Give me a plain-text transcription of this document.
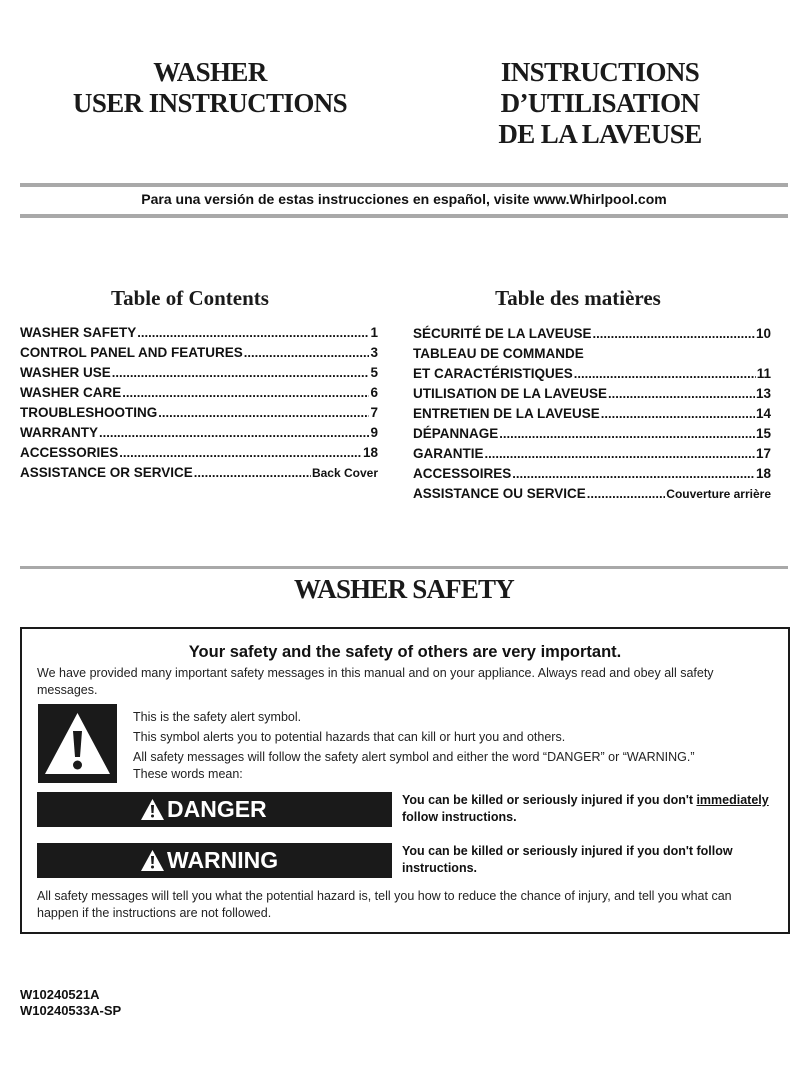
WASHER
USER INSTRUCTIONS
INSTRUCTIONS
D’UTILISATION
DE LA LAVEUSE
Para una versión de estas instrucciones en español, visite www.Whirlpool.com
Table of Contents	Table des matières
WASHER SAFETY .....	1
CONTROL PANEL AND FEATURES .....	3
WASHER USE .....	5
WASHER CARE .....	6
TROUBLESHOOTING .....	7
WARRANTY .....	9
ACCESSORIES .....	18
ASSISTANCE OR SERVICE .....	Back Cover
SÉCURITÉ DE LA LAVEUSE .....	10
TABLEAU DE COMMANDE
ET CARACTÉRISTIQUES .....	11
UTILISATION DE LA LAVEUSE .....	13
ENTRETIEN DE LA LAVEUSE .....	14
DÉPANNAGE .....	15
GARANTIE .....	17
ACCESSOIRES .....	18
ASSISTANCE OU SERVICE .....	Couverture arrière
WASHER SAFETY
Your safety and the safety of others are very important.
We have provided many important safety messages in this manual and on your appliance. Always read and obey all safety messages.
This is the safety alert symbol.
This symbol alerts you to potential hazards that can kill or hurt you and others.
All safety messages will follow the safety alert symbol and either the word “DANGER” or “WARNING.”
These words mean:
DANGER	You can be killed or seriously injured if you don't immediately
follow instructions.
WARNING	You can be killed or seriously injured if you don't follow instructions.
All safety messages will tell you what the potential hazard is, tell you how to reduce the chance of injury, and tell you what can happen if the instructions are not followed.
W10240521A
W10240533A-SP
